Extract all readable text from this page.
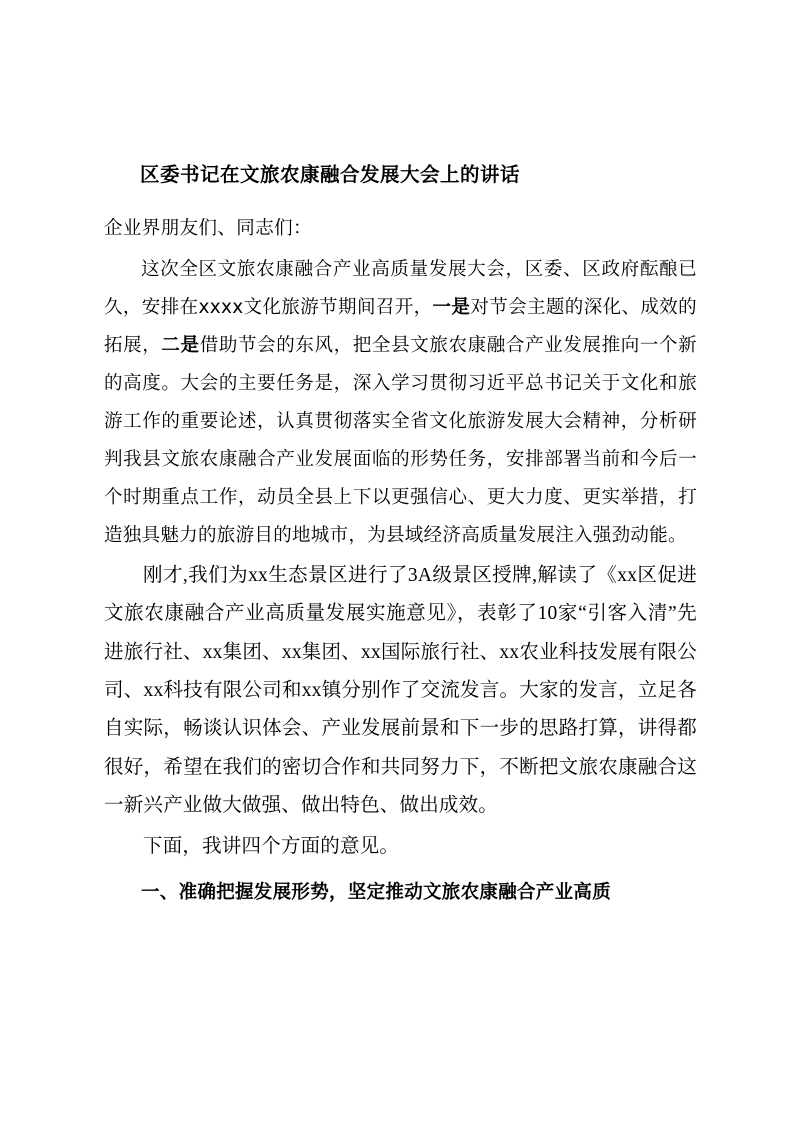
区委书记在文旅农康融合发展大会上的讲话

企业界朋友们、同志们：

这次全区文旅农康融合产业高质量发展大会，区委、区政府酝酿已久，安排在xxxx文化旅游节期间召开，一是对节会主题的深化、成效的拓展，二是借助节会的东风，把全县文旅农康融合产业发展推向一个新的高度。大会的主要任务是，深入学习贯彻习近平总书记关于文化和旅游工作的重要论述，认真贯彻落实全省文化旅游发展大会精神，分析研判我县文旅农康融合产业发展面临的形势任务，安排部署当前和今后一个时期重点工作，动员全县上下以更强信心、更大力度、更实举措，打造独具魅力的旅游目的地城市，为县域经济高质量发展注入强劲动能。

刚才,我们为xx生态景区进行了3A级景区授牌,解读了《xx区促进文旅农康融合产业高质量发展实施意见》，表彰了10家“引客入清”先进旅行社、xx集团、xx集团、xx国际旅行社、xx农业科技发展有限公司、xx科技有限公司和xx镇分别作了交流发言。大家的发言，立足各自实际，畅谈认识体会、产业发展前景和下一步的思路打算，讲得都很好，希望在我们的密切合作和共同努力下，不断把文旅农康融合这一新兴产业做大做强、做出特色、做出成效。

下面，我讲四个方面的意见。

一、准确把握发展形势，坚定推动文旅农康融合产业高质
